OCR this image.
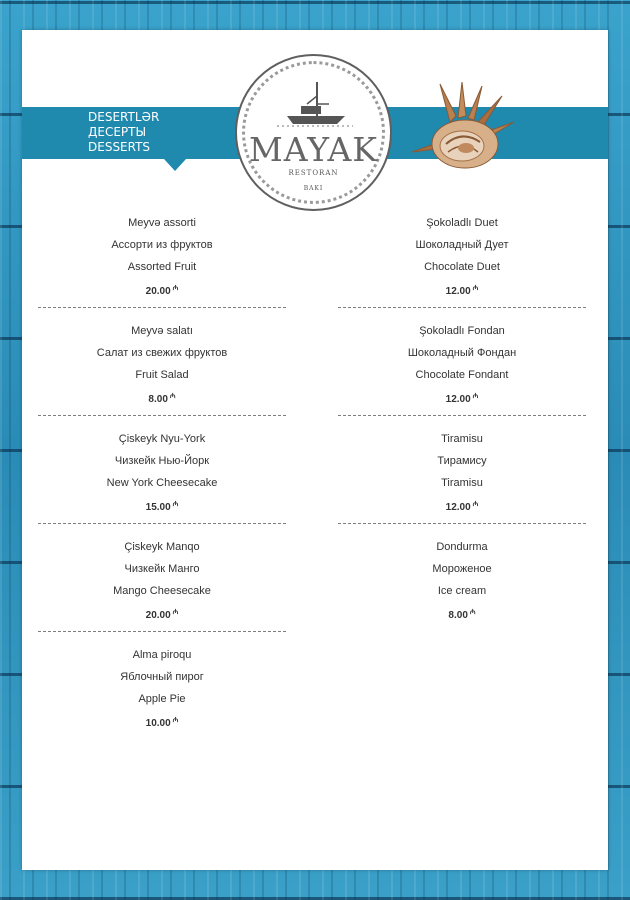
DESERTLƏR
ДЕСЕРТЫ
DESSERTS	MAYAK
RESTORAN
BAKI
Meyvə assorti
Ассорти из фруктов
Assorted Fruit
20.00 ₼
Meyvə salatı
Салат из свежих фруктов
Fruit Salad
8.00 ₼
Çiskeyk Nyu-York
Чизкейк Нью-Йорк
New York Cheesecake
15.00 ₼
Çiskeyk Manqo
Чизкейк Манго
Mango Cheesecake
20.00 ₼
Alma piroqu
Яблочный пирог
Apple Pie
10.00 ₼
Şokoladlı Duet
Шоколадный Дует
Chocolate Duet
12.00 ₼
Şokoladlı Fondan
Шоколадный Фондан
Chocolate Fondant
12.00 ₼
Tiramisu
Тирамису
Tiramisu
12.00 ₼
Dondurma
Мороженое
Ice cream
8.00 ₼
